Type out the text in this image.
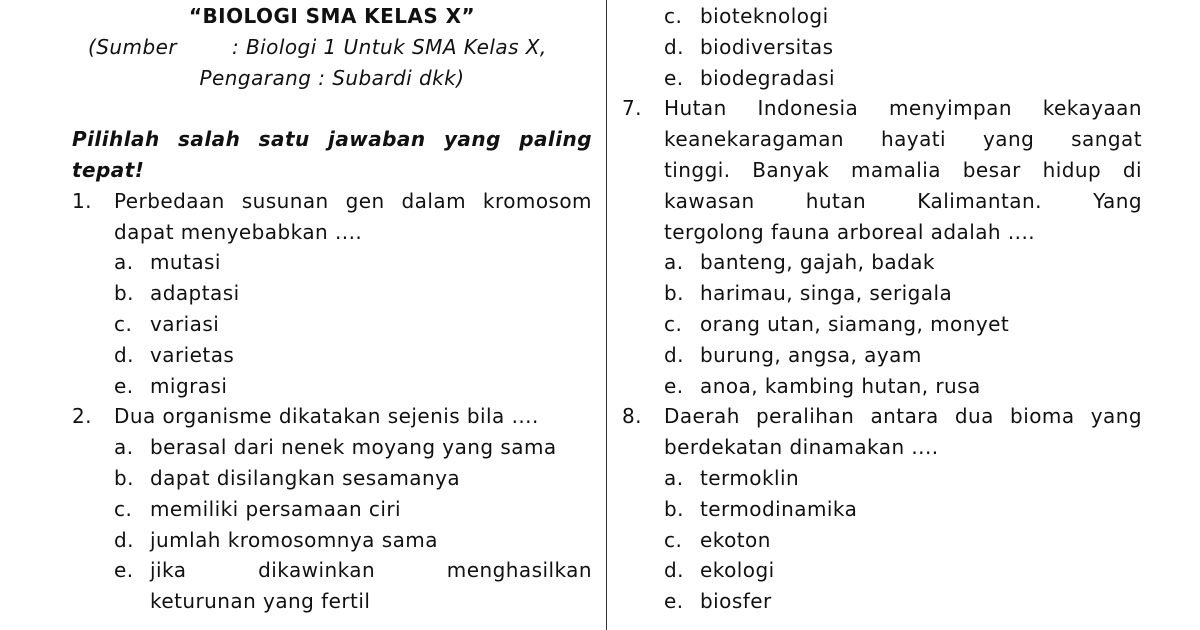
“BIOLOGI SMA KELAS X”
(Sumber	: Biologi 1 Untuk SMA Kelas X,
Pengarang : Subardi dkk)
Pilihlah salah satu jawaban yang paling
tepat!
1.	Perbedaan susunan gen dalam kromosom
dapat menyebabkan ....
a. mutasi
b. adaptasi
c. variasi
d. varietas
e. migrasi
2.	Dua organisme dikatakan sejenis bila ....
a. berasal dari nenek moyang yang sama
b. dapat disilangkan sesamanya
c. memiliki persamaan ciri
d. jumlah kromosomnya sama
e. jika dikawinkan menghasilkan
keturunan yang fertil
c. bioteknologi
d. biodiversitas
e. biodegradasi
7.	Hutan Indonesia menyimpan kekayaan
keanekaragaman hayati yang sangat
tinggi. Banyak mamalia besar hidup di
kawasan hutan Kalimantan. Yang
tergolong fauna arboreal adalah ....
a. banteng, gajah, badak
b. harimau, singa, serigala
c. orang utan, siamang, monyet
d. burung, angsa, ayam
e. anoa, kambing hutan, rusa
8.	Daerah peralihan antara dua bioma yang
berdekatan dinamakan ....
a. termoklin
b. termodinamika
c. ekoton
d. ekologi
e. biosfer
